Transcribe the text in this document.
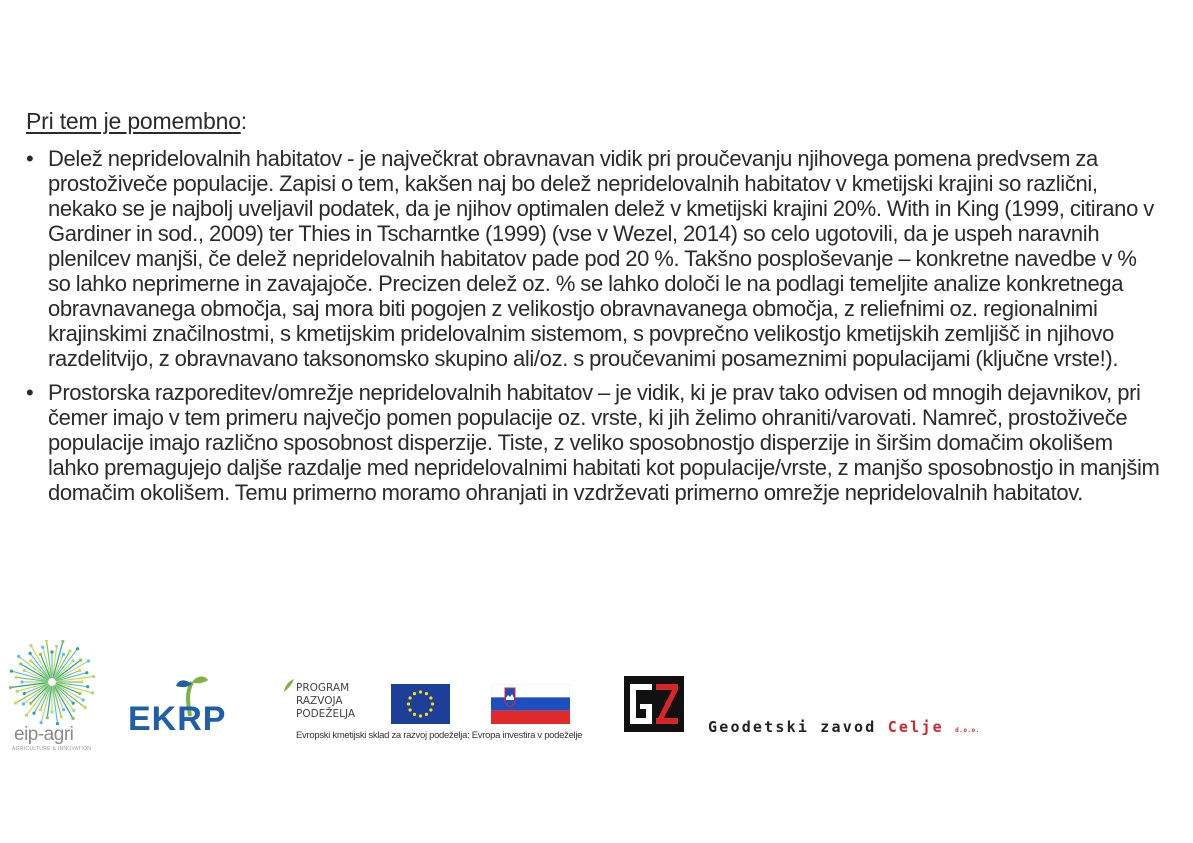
Pri tem je pomembno:
• Delež nepridelovalnih habitatov - je največkrat obravnavan vidik pri proučevanju njihovega pomena predvsem za prostoživeče populacije. Zapisi o tem, kakšen naj bo delež nepridelovalnih habitatov v kmetijski krajini so različni, nekako se je najbolj uveljavil podatek, da je njihov optimalen delež v kmetijski krajini 20%. With in King (1999, citirano v Gardiner in sod., 2009) ter Thies in Tscharntke (1999) (vse v Wezel, 2014) so celo ugotovili, da je uspeh naravnih plenilcev manjši, če delež nepridelovalnih habitatov pade pod 20 %. Takšno posploševanje – konkretne navedbe v % so lahko neprimerne in zavajajoče. Precizen delež oz. % se lahko določi le na podlagi temeljite analize konkretnega obravnavanega območja, saj mora biti pogojen z velikostjo obravnavanega območja, z reliefnimi oz. regionalnimi krajinskimi značilnostmi, s kmetijskim pridelovalnim sistemom, s povprečno velikostjo kmetijskih zemljišč in njihovo razdelitvijo, z obravnavano taksonomsko skupino ali/oz. s proučevanimi posameznimi populacijami (ključne vrste!).
• Prostorska razporeditev/omrežje nepridelovalnih habitatov – je vidik, ki je prav tako odvisen od mnogih dejavnikov, pri čemer imajo v tem primeru največjo pomen populacije oz. vrste, ki jih želimo ohraniti/varovati. Namreč, prostoživeče populacije imajo različno sposobnost disperzije. Tiste, z veliko sposobnostjo disperzije in širšim domačim okolišem lahko premagujejo daljše razdalje med nepridelovalnimi habitati kot populacije/vrste, z manjšo sposobnostjo in manjšim domačim okolišem. Temu primerno moramo ohranjati in vzdrževati primerno omrežje nepridelovalnih habitatov.
eip-agri
AGRICULTURE & INNOVATION
EKRP
PROGRAM
RAZVOJA
PODEŽELJA
Evropski kmetijski sklad za razvoj podeželja: Evropa investira v podeželje	Geodetski zavod Celje d.o.o.
